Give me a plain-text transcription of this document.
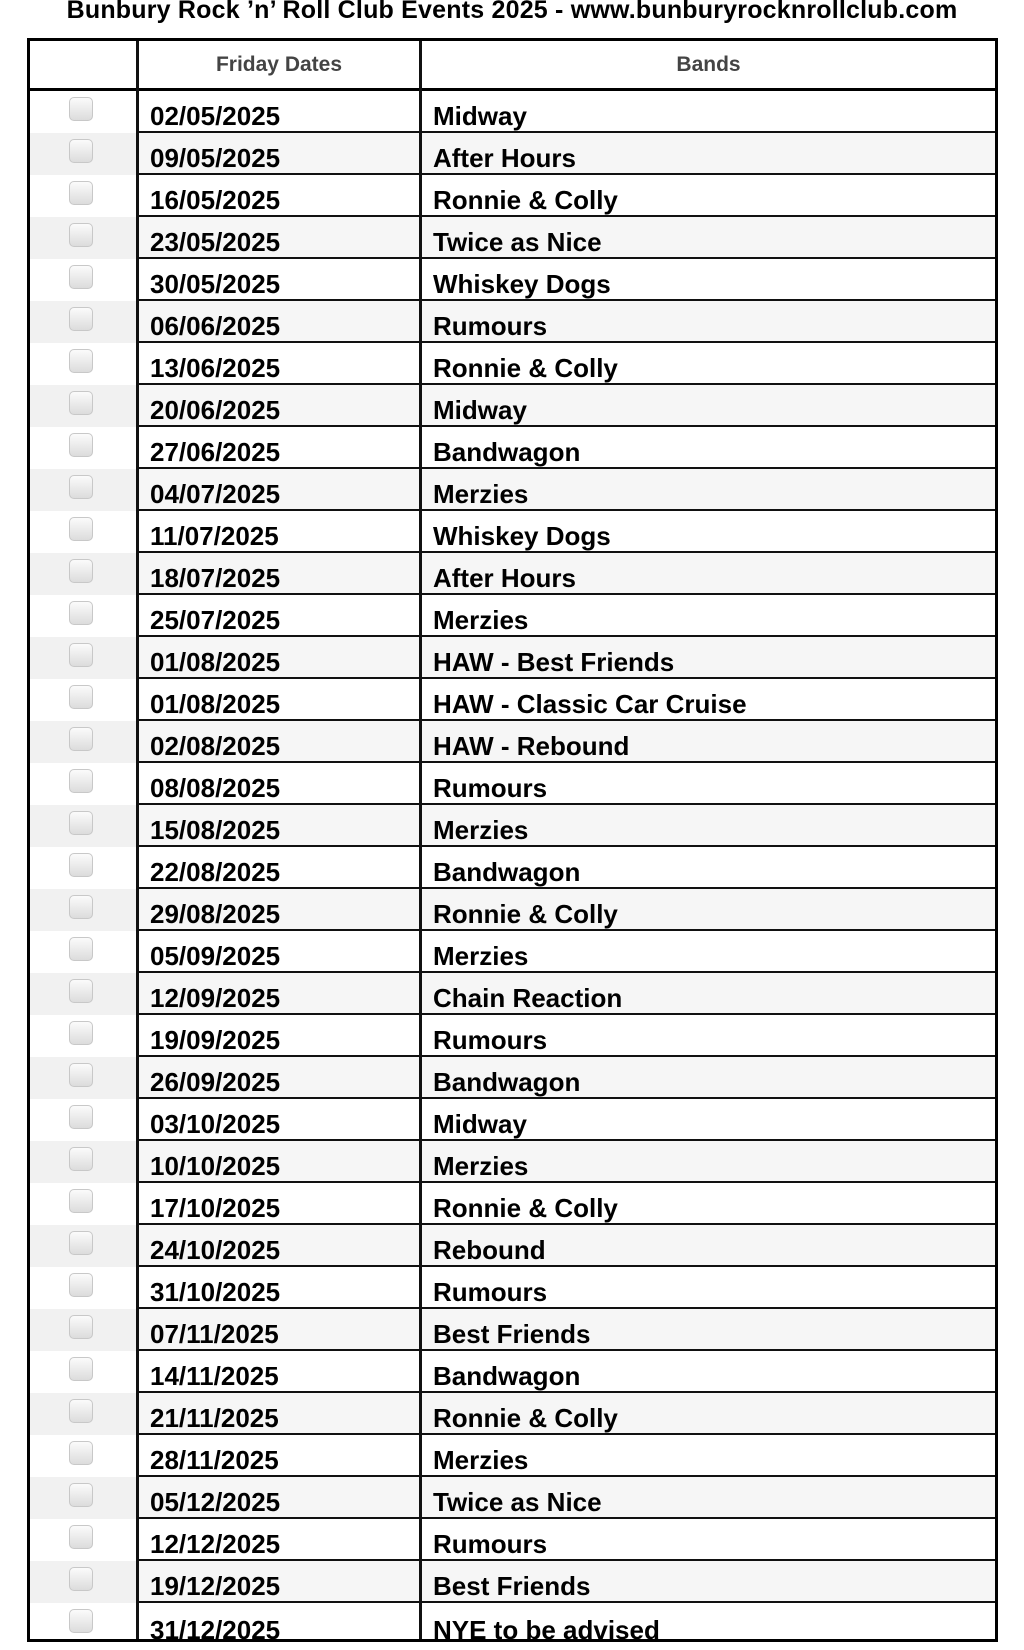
Bunbury Rock ’n’ Roll Club Events 2025 - www.bunburyrocknrollclub.com
Friday Dates	Bands
02/05/2025	Midway
09/05/2025	After Hours
16/05/2025	Ronnie & Colly
23/05/2025	Twice as Nice
30/05/2025	Whiskey Dogs
06/06/2025	Rumours
13/06/2025	Ronnie & Colly
20/06/2025	Midway
27/06/2025	Bandwagon
04/07/2025	Merzies
11/07/2025	Whiskey Dogs
18/07/2025	After Hours
25/07/2025	Merzies
01/08/2025	HAW - Best Friends
01/08/2025	HAW - Classic Car Cruise
02/08/2025	HAW - Rebound
08/08/2025	Rumours
15/08/2025	Merzies
22/08/2025	Bandwagon
29/08/2025	Ronnie & Colly
05/09/2025	Merzies
12/09/2025	Chain Reaction
19/09/2025	Rumours
26/09/2025	Bandwagon
03/10/2025	Midway
10/10/2025	Merzies
17/10/2025	Ronnie & Colly
24/10/2025	Rebound
31/10/2025	Rumours
07/11/2025	Best Friends
14/11/2025	Bandwagon
21/11/2025	Ronnie & Colly
28/11/2025	Merzies
05/12/2025	Twice as Nice
12/12/2025	Rumours
19/12/2025	Best Friends
31/12/2025	NYE to be advised
